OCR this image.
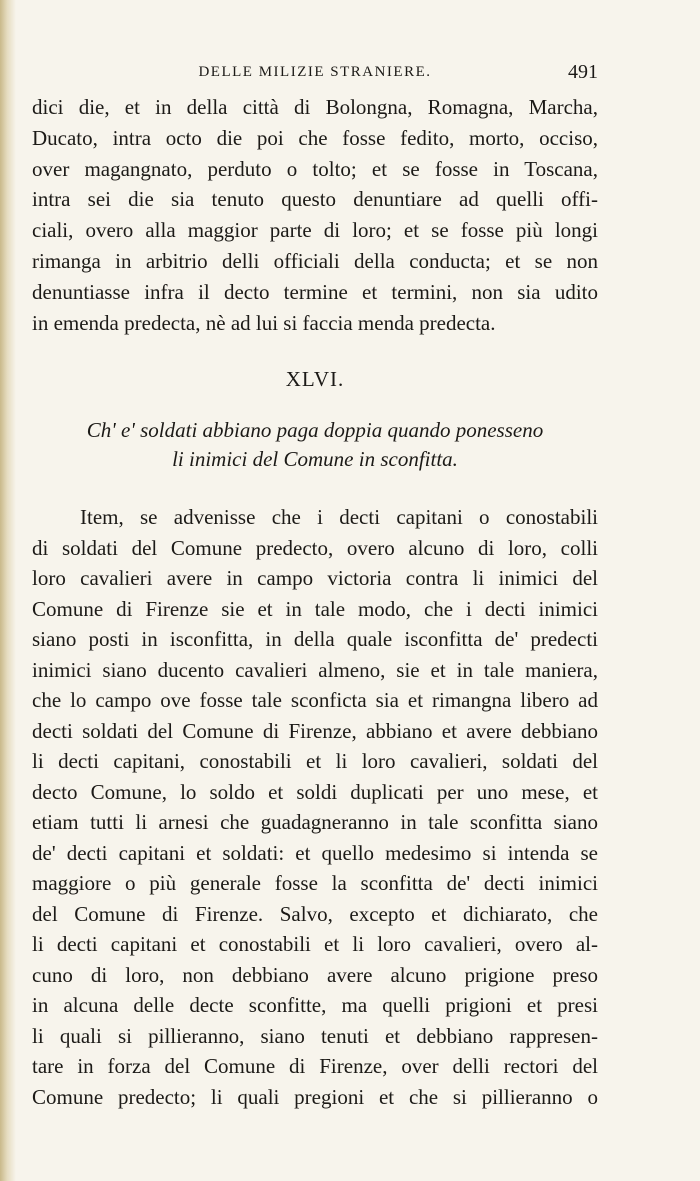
DELLE MILIZIE STRANIERE.	491
dici die, et in della città di Bolongna, Romagna, Marcha,
Ducato, intra octo die poi che fosse fedito, morto, occiso,
over magangnato, perduto o tolto; et se fosse in Toscana,
intra sei die sia tenuto questo denuntiare ad quelli offi-
ciali, overo alla maggior parte di loro; et se fosse più longi
rimanga in arbitrio delli officiali della conducta; et se non
denuntiasse infra il decto termine et termini, non sia udito
in emenda predecta, nè ad lui si faccia menda predecta.
XLVI.
Ch' e' soldati abbiano paga doppia quando ponesseno
li inimici del Comune in sconfitta.
Item, se advenisse che i decti capitani o conostabili
di soldati del Comune predecto, overo alcuno di loro, colli
loro cavalieri avere in campo victoria contra li inimici del
Comune di Firenze sie et in tale modo, che i decti inimici
siano posti in isconfitta, in della quale isconfitta de' predecti
inimici siano ducento cavalieri almeno, sie et in tale maniera,
che lo campo ove fosse tale sconficta sia et rimangna libero ad
decti soldati del Comune di Firenze, abbiano et avere debbiano
li decti capitani, conostabili et li loro cavalieri, soldati del
decto Comune, lo soldo et soldi duplicati per uno mese, et
etiam tutti li arnesi che guadagneranno in tale sconfitta siano
de' decti capitani et soldati: et quello medesimo si intenda se
maggiore o più generale fosse la sconfitta de' decti inimici
del Comune di Firenze. Salvo, excepto et dichiarato, che
li decti capitani et conostabili et li loro cavalieri, overo al-
cuno di loro, non debbiano avere alcuno prigione preso
in alcuna delle decte sconfitte, ma quelli prigioni et presi
li quali si pillieranno, siano tenuti et debbiano rappresen-
tare in forza del Comune di Firenze, over delli rectori del
Comune predecto; li quali pregioni et che si pillieranno o
